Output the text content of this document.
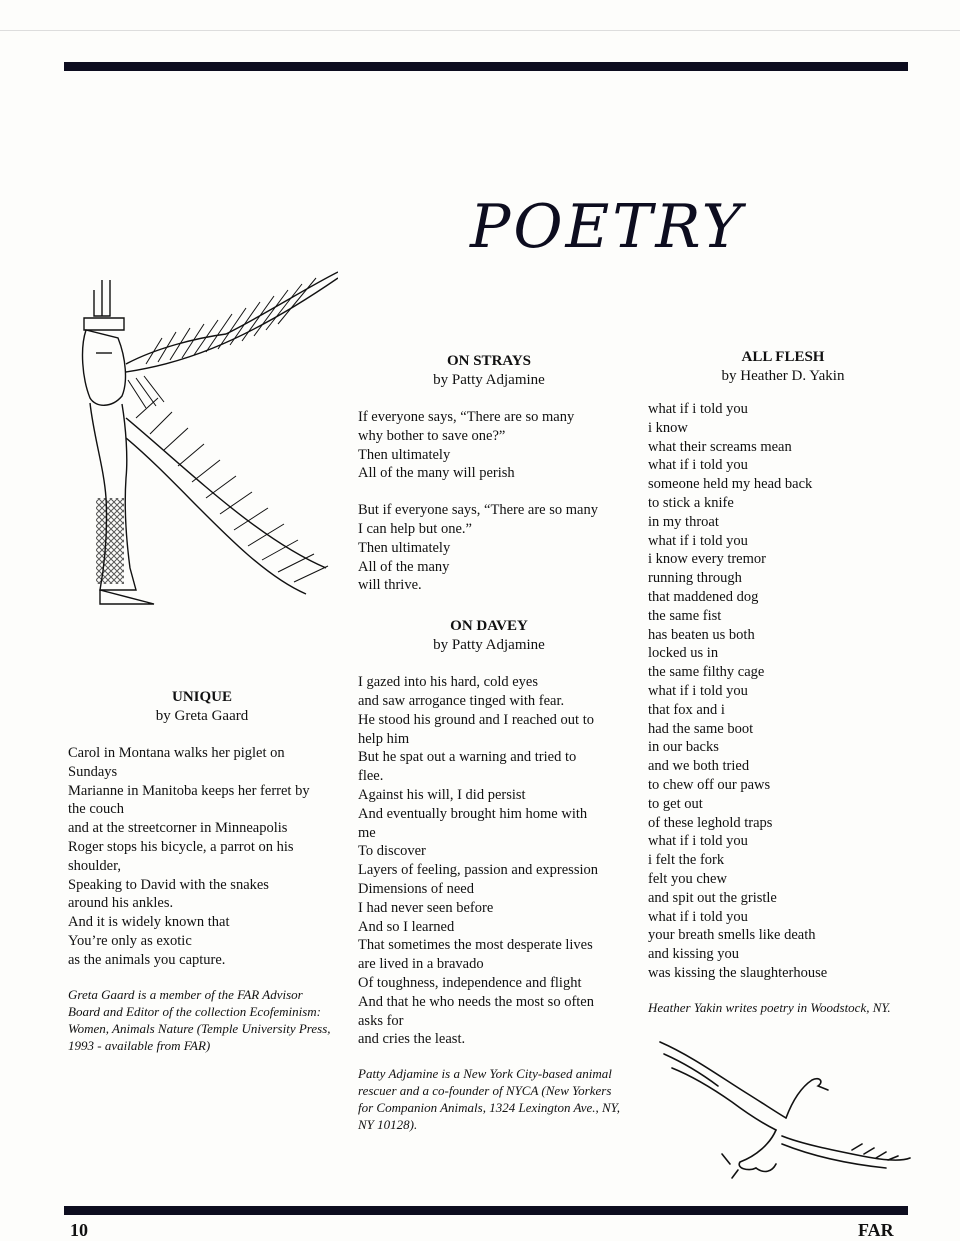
POETRY
UNIQUE
by Greta Gaard
Carol in Montana walks her piglet on
Sundays
Marianne in Manitoba keeps her ferret by
the couch
and at the streetcorner in Minneapolis
Roger stops his bicycle, a parrot on his
shoulder,
Speaking to David with the snakes
around his ankles.
And it is widely known that
You’re only as exotic
as the animals you capture.

Greta Gaard is a member of the FAR Advisor Board and Editor of the collection Ecofeminism: Women, Animals Nature (Temple University Press, 1993 - available from FAR)

ON STRAYS
by Patty Adjamine
If everyone says, “There are so many
why bother to save one?”
Then ultimately
All of the many will perish
But if everyone says, “There are so many
I can help but one.”
Then ultimately
All of the many
will thrive.
ON DAVEY
by Patty Adjamine
I gazed into his hard, cold eyes
and saw arrogance tinged with fear.
He stood his ground and I reached out to
help him
But he spat out a warning and tried to
flee.
Against his will, I did persist
And eventually brought him home with
me
To discover
Layers of feeling, passion and expression
Dimensions of need
I had never seen before
And so I learned
That sometimes the most desperate lives
are lived in a bravado
Of toughness, independence and flight
And that he who needs the most so often
asks for
and cries the least.

Patty Adjamine is a New York City-based animal rescuer and a co-founder of NYCA (New Yorkers for Companion Animals, 1324 Lexington Ave., NY, NY 10128).

ALL FLESH
by Heather D. Yakin
what if i told you
i know
what their screams mean
what if i told you
someone held my head back
to stick a knife
in my throat
what if i told you
i know every tremor
running through
that maddened dog
the same fist
has beaten us both
locked us in
the same filthy cage
what if i told you
that fox and i
had the same boot
in our backs
and we both tried
to chew off our paws
to get out
of these leghold traps
what if i told you
i felt the fork
felt you chew
and spit out the gristle
what if i told you
your breath smells like death
and kissing you
was kissing the slaughterhouse

Heather Yakin writes poetry in Woodstock, NY.

10	FAR
